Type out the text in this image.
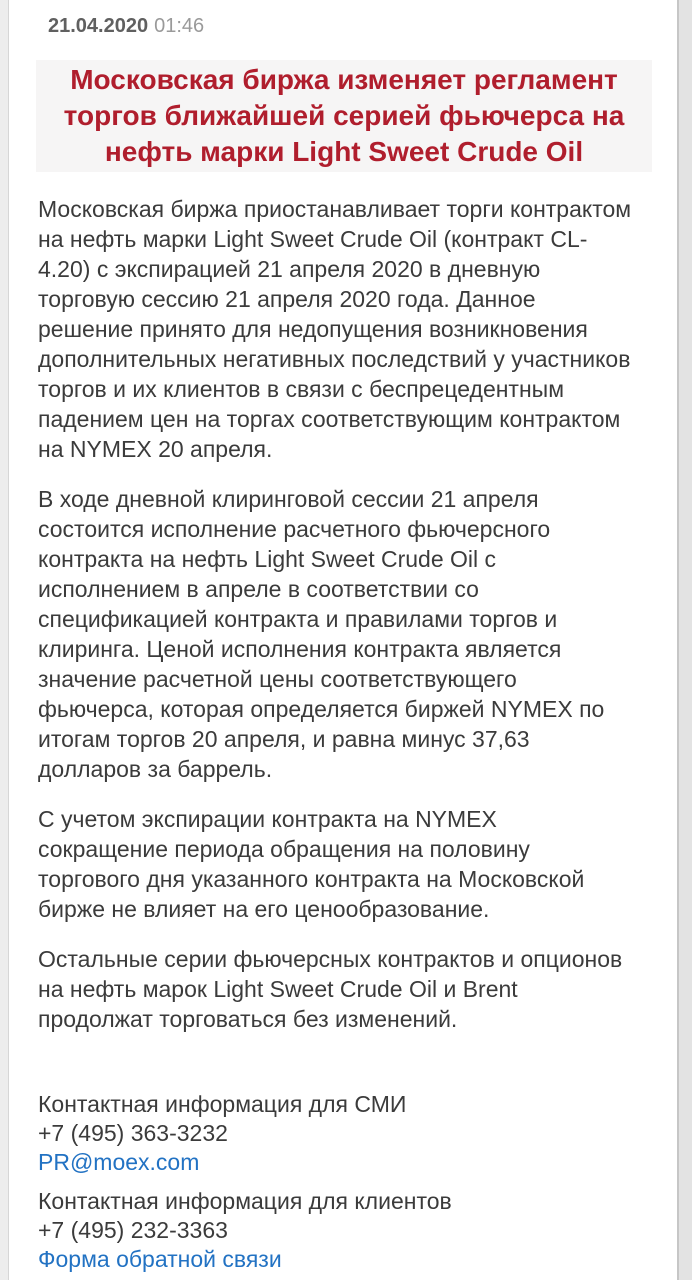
21.04.2020 01:46
Московская биржа изменяет регламент торгов ближайшей серией фьючерса на нефть марки Light Sweet Crude Oil

Московская биржа приостанавливает торги контрактом на нефть марки Light Sweet Crude Oil (контракт CL-4.20) с экспирацией 21 апреля 2020 в дневную торговую сессию 21 апреля 2020 года. Данное решение принято для недопущения возникновения дополнительных негативных последствий у участников торгов и их клиентов в связи с беспрецедентным падением цен на торгах соответствующим контрактом на NYMEX 20 апреля.

В ходе дневной клиринговой сессии 21 апреля состоится исполнение расчетного фьючерсного контракта на нефть Light Sweet Crude Oil с исполнением в апреле в соответствии со спецификацией контракта и правилами торгов и клиринга. Ценой исполнения контракта является значение расчетной цены соответствующего фьючерса, которая определяется биржей NYMEX по итогам торгов 20 апреля, и равна минус 37,63 долларов за баррель.

С учетом экспирации контракта на NYMEX сокращение периода обращения на половину торгового дня указанного контракта на Московской бирже не влияет на его ценообразование.

Остальные серии фьючерсных контрактов и опционов на нефть марок Light Sweet Crude Oil и Brent продолжат торговаться без изменений.

Контактная информация для СМИ
+7 (495) 363-3232
PR@moex.com
Контактная информация для клиентов
+7 (495) 232-3363
Форма обратной связи
